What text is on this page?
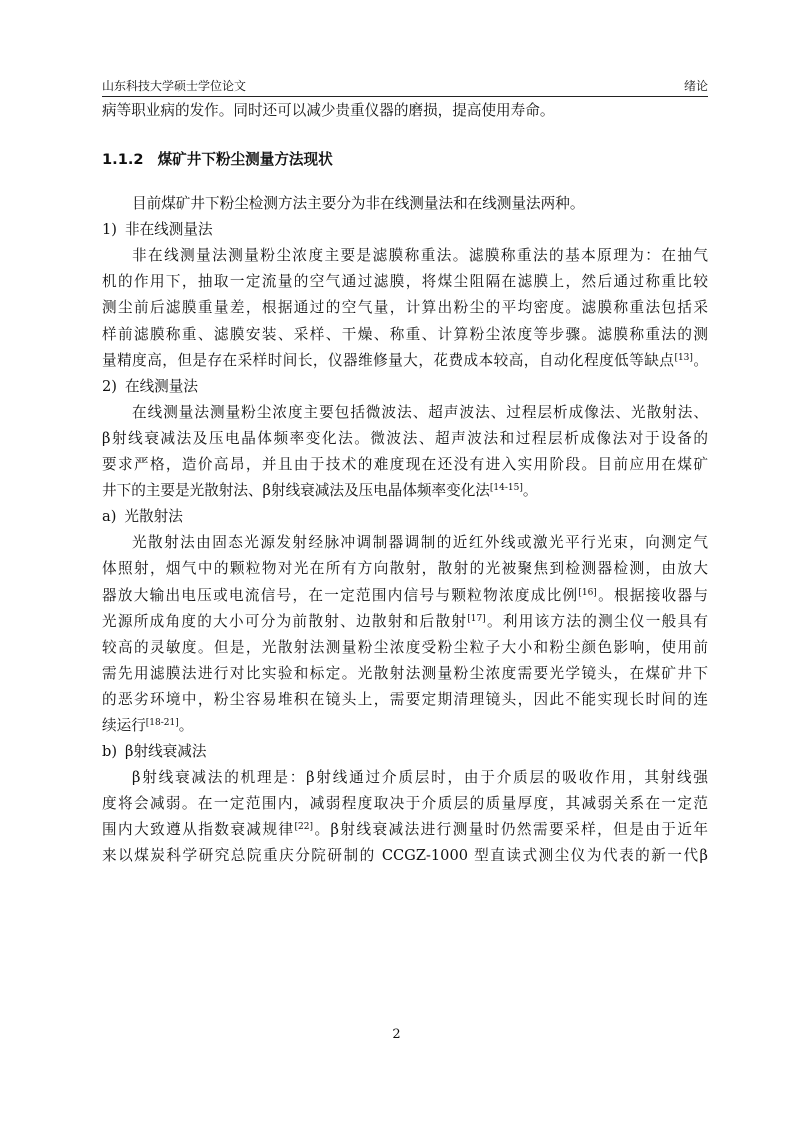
山东科技大学硕士学位论文	绪论

病等职业病的发作。同时还可以减少贵重仪器的磨损，提高使用寿命。

1.1.2 煤矿井下粉尘测量方法现状

目前煤矿井下粉尘检测方法主要分为非在线测量法和在线测量法两种。

1) 非在线测量法

非在线测量法测量粉尘浓度主要是滤膜称重法。滤膜称重法的基本原理为：在抽气

机的作用下，抽取一定流量的空气通过滤膜，将煤尘阻隔在滤膜上，然后通过称重比较

测尘前后滤膜重量差，根据通过的空气量，计算出粉尘的平均密度。滤膜称重法包括采

样前滤膜称重、滤膜安装、采样、干燥、称重、计算粉尘浓度等步骤。滤膜称重法的测

量精度高，但是存在采样时间长，仪器维修量大，花费成本较高，自动化程度低等缺点[13]。

2) 在线测量法

在线测量法测量粉尘浓度主要包括微波法、超声波法、过程层析成像法、光散射法、

β射线衰减法及压电晶体频率变化法。微波法、超声波法和过程层析成像法对于设备的

要求严格，造价高昂，并且由于技术的难度现在还没有进入实用阶段。目前应用在煤矿

井下的主要是光散射法、β射线衰减法及压电晶体频率变化法[14-15]。

a) 光散射法

光散射法由固态光源发射经脉冲调制器调制的近红外线或激光平行光束，向测定气

体照射，烟气中的颗粒物对光在所有方向散射，散射的光被聚焦到检测器检测，由放大

器放大输出电压或电流信号，在一定范围内信号与颗粒物浓度成比例[16]。根据接收器与

光源所成角度的大小可分为前散射、边散射和后散射[17]。利用该方法的测尘仪一般具有

较高的灵敏度。但是，光散射法测量粉尘浓度受粉尘粒子大小和粉尘颜色影响，使用前

需先用滤膜法进行对比实验和标定。光散射法测量粉尘浓度需要光学镜头，在煤矿井下

的恶劣环境中，粉尘容易堆积在镜头上，需要定期清理镜头，因此不能实现长时间的连

续运行[18-21]。

b) β射线衰减法

β射线衰减法的机理是：β射线通过介质层时，由于介质层的吸收作用，其射线强

度将会减弱。在一定范围内，减弱程度取决于介质层的质量厚度，其减弱关系在一定范

围内大致遵从指数衰减规律[22]。β射线衰减法进行测量时仍然需要采样，但是由于近年

来以煤炭科学研究总院重庆分院研制的 CCGZ-1000 型直读式测尘仪为代表的新一代β

2
